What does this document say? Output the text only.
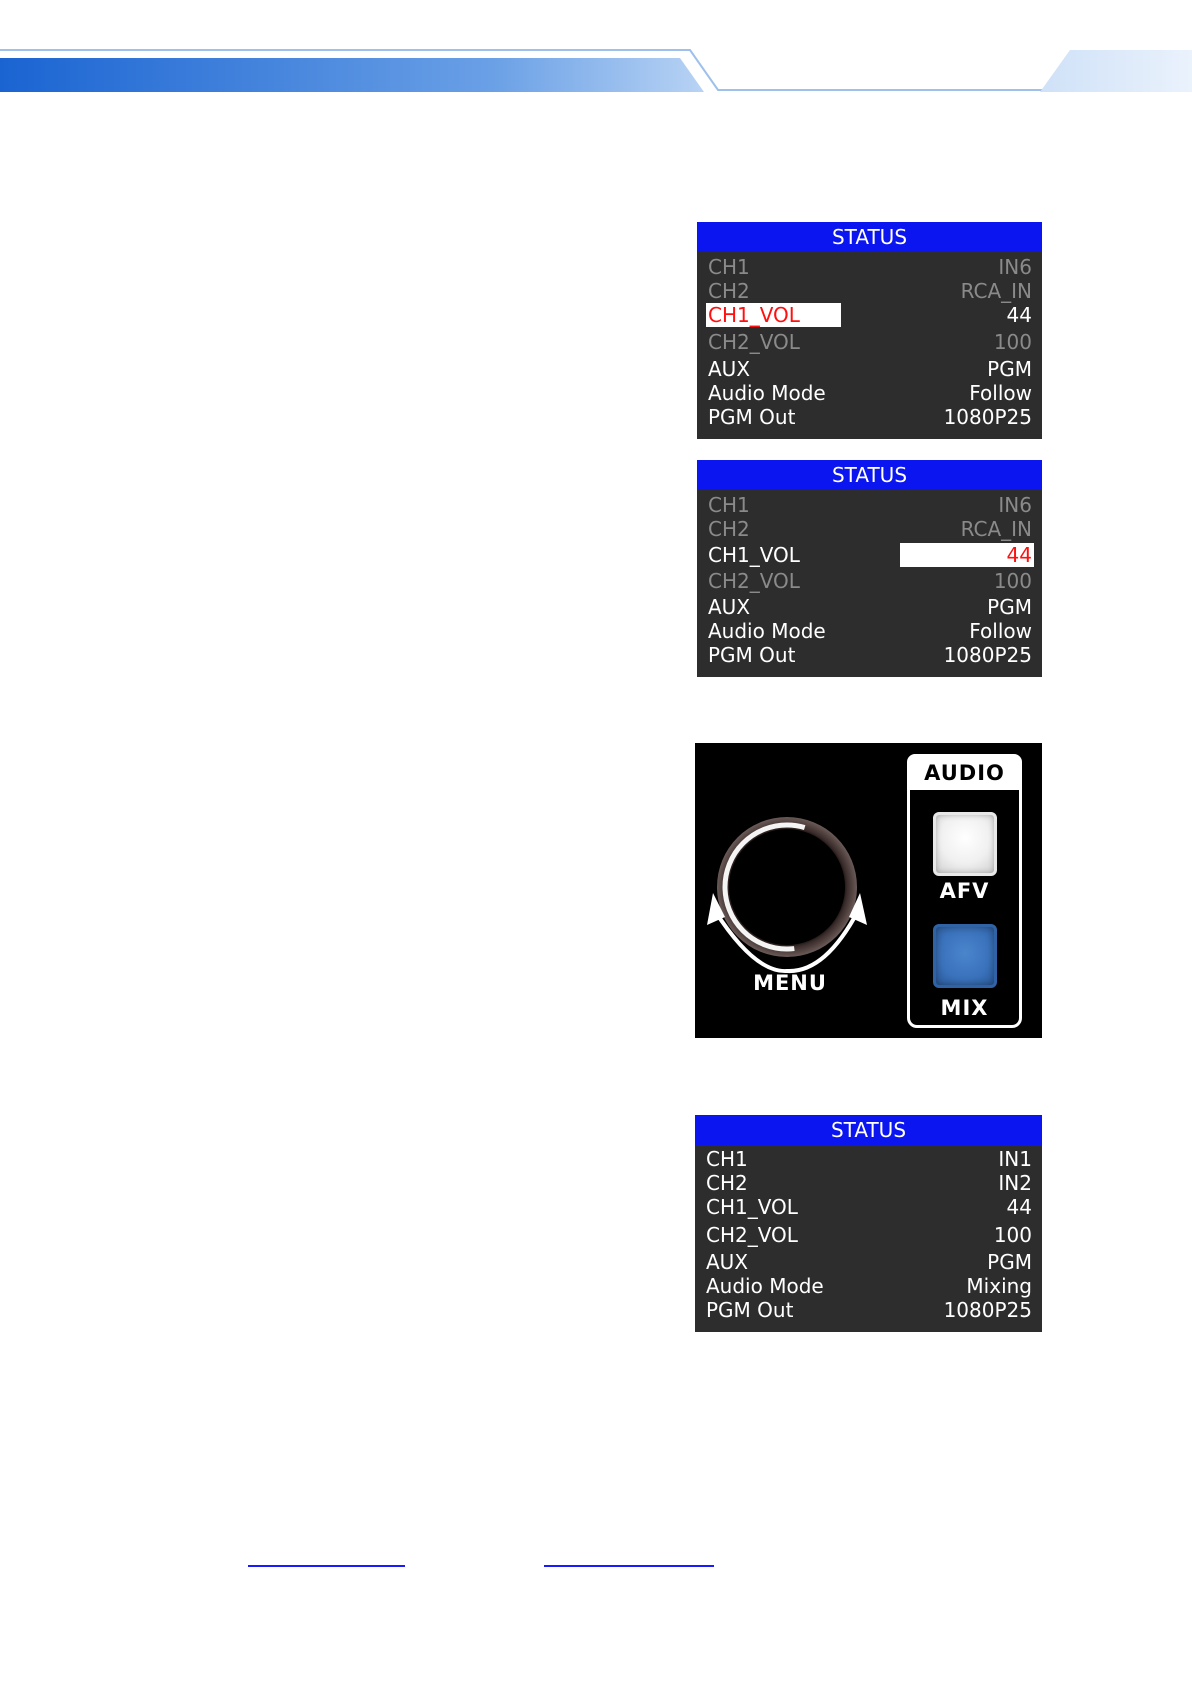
STATUS
CH1	IN6
CH2	RCA_IN
CH1_VOL	44
CH2_VOL	100
AUX	PGM
Audio Mode	Follow
PGM Out	1080P25
STATUS
CH1	IN6
CH2	RCA_IN
CH1_VOL	44
CH2_VOL	100
AUX	PGM
Audio Mode	Follow
PGM Out	1080P25
MENU
AUDIO
AFV
MIX
STATUS
CH1	IN1
CH2	IN2
CH1_VOL	44
CH2_VOL	100
AUX	PGM
Audio Mode	Mixing
PGM Out	1080P25
